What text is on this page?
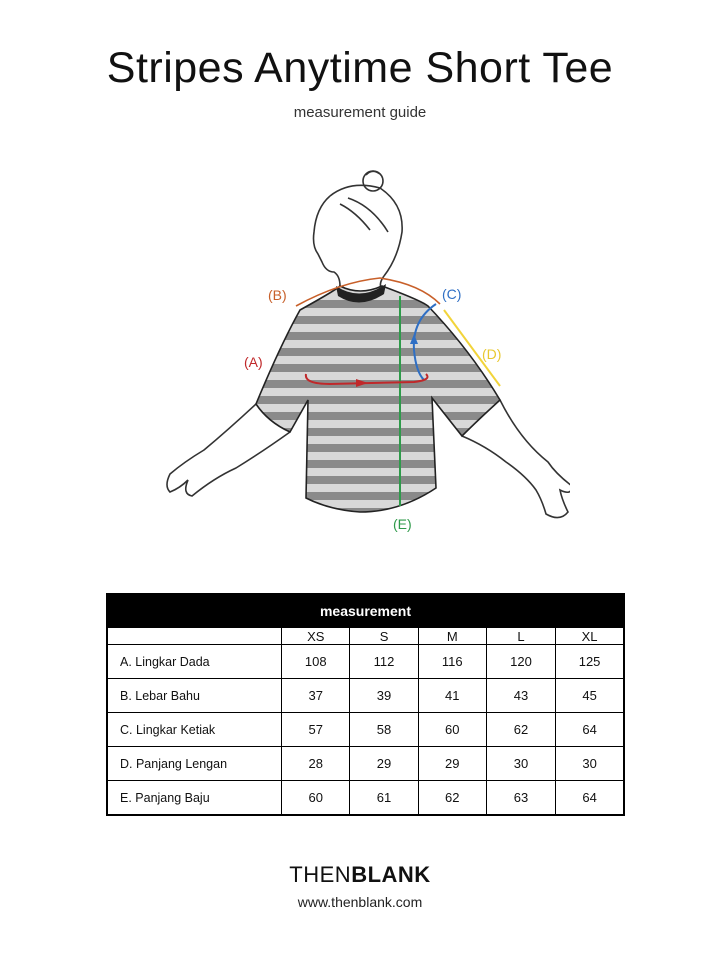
Stripes Anytime Short Tee
measurement guide
(A)
(B)	(C)
(D)
(E)
measurement					
	XS	S	M	L	XL
A. Lingkar Dada	108	112	116	120	125
B. Lebar Bahu	37	39	41	43	45
C. Lingkar Ketiak	57	58	60	62	64
D. Panjang Lengan	28	29	29	30	30
E. Panjang Baju	60	61	62	63	64
THENBLANK
www.thenblank.com
